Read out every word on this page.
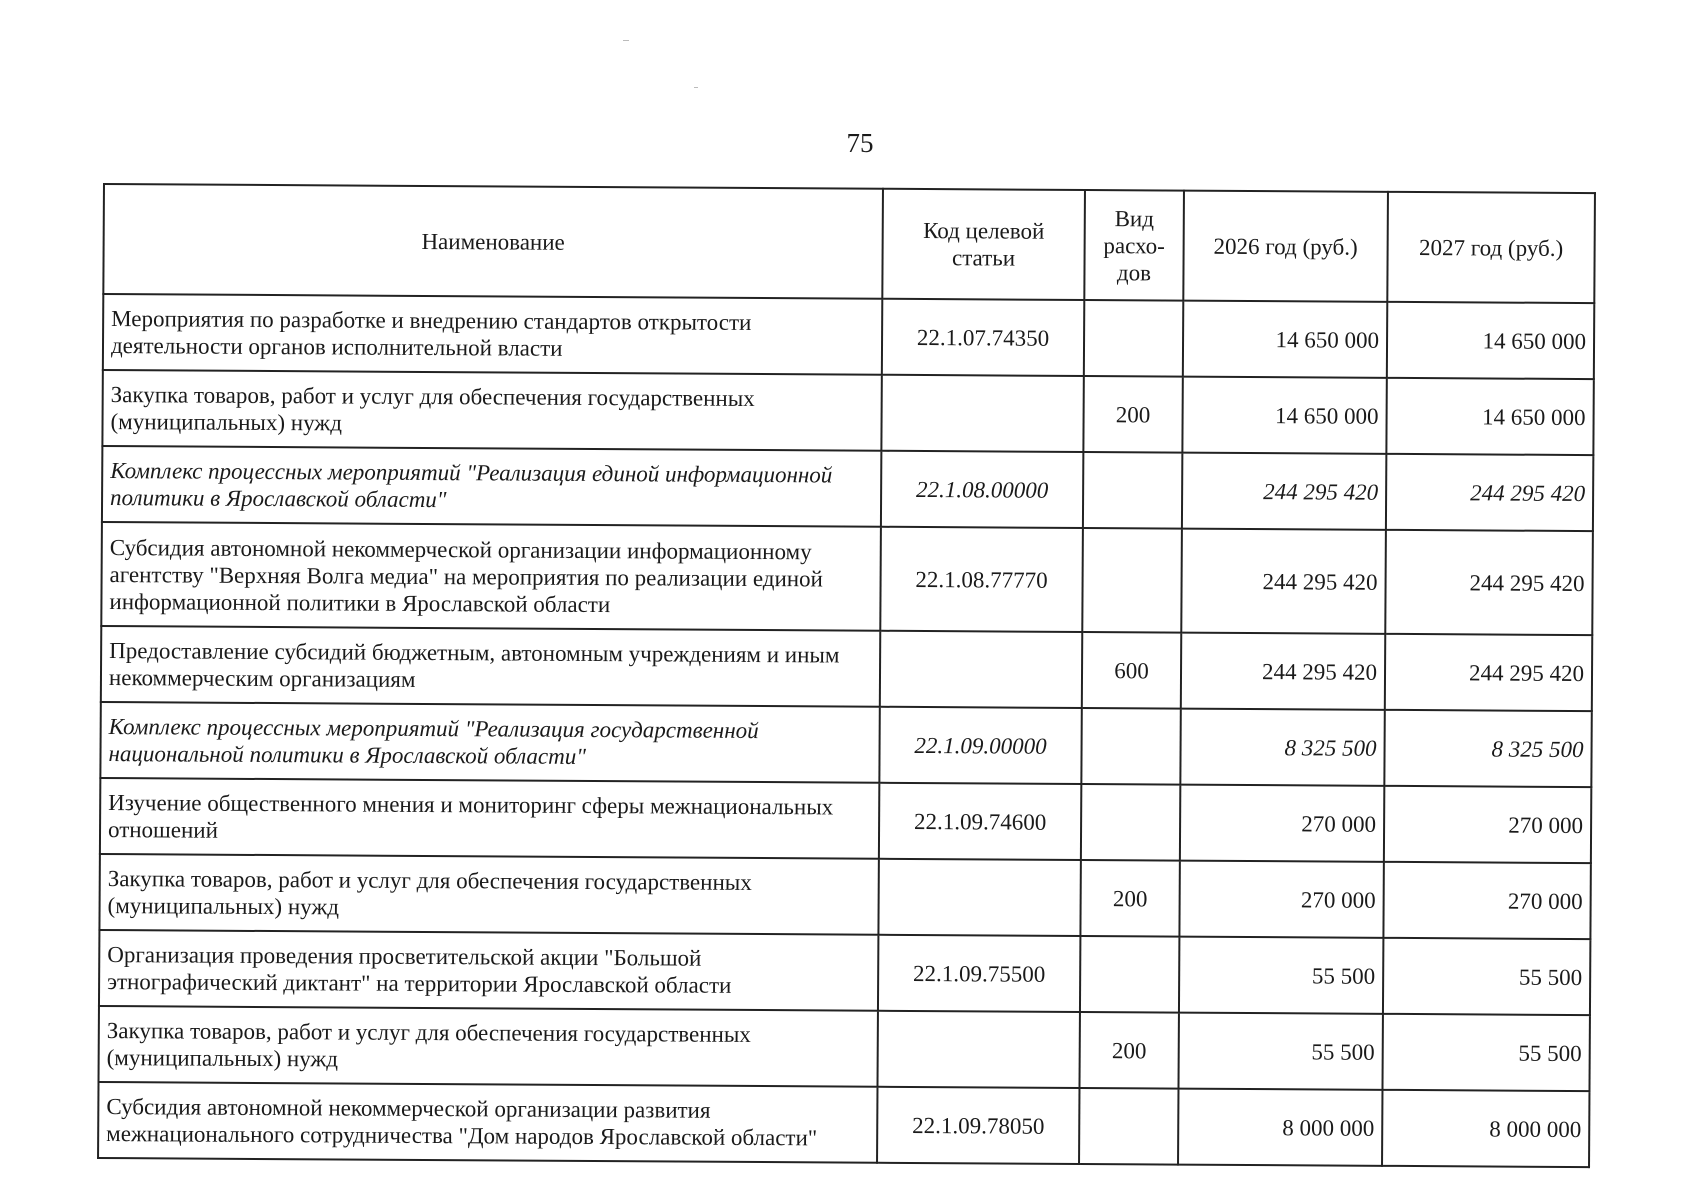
75
Наименование	Код целевой статьи	Вид расхо-дов	2026 год (руб.)	2027 год (руб.)
Мероприятия по разработке и внедрению стандартов открытости деятельности органов исполнительной власти	22.1.07.74350		14 650 000	14 650 000
Закупка товаров, работ и услуг для обеспечения государственных (муниципальных) нужд		200	14 650 000	14 650 000
Комплекс процессных мероприятий "Реализация единой информационной политики в Ярославской области"	22.1.08.00000		244 295 420	244 295 420
Субсидия автономной некоммерческой организации информационному агентству "Верхняя Волга медиа" на мероприятия по реализации единой информационной политики в Ярославской области	22.1.08.77770		244 295 420	244 295 420
Предоставление субсидий бюджетным, автономным учреждениям и иным некоммерческим организациям		600	244 295 420	244 295 420
Комплекс процессных мероприятий "Реализация государственной национальной политики в Ярославской области"	22.1.09.00000		8 325 500	8 325 500
Изучение общественного мнения и мониторинг сферы межнациональных отношений	22.1.09.74600		270 000	270 000
Закупка товаров, работ и услуг для обеспечения государственных (муниципальных) нужд		200	270 000	270 000
Организация проведения просветительской акции "Большой этнографический диктант" на территории Ярославской области	22.1.09.75500		55 500	55 500
Закупка товаров, работ и услуг для обеспечения государственных (муниципальных) нужд		200	55 500	55 500
Субсидия автономной некоммерческой организации развития межнационального сотрудничества "Дом народов Ярославской области"	22.1.09.78050		8 000 000	8 000 000
